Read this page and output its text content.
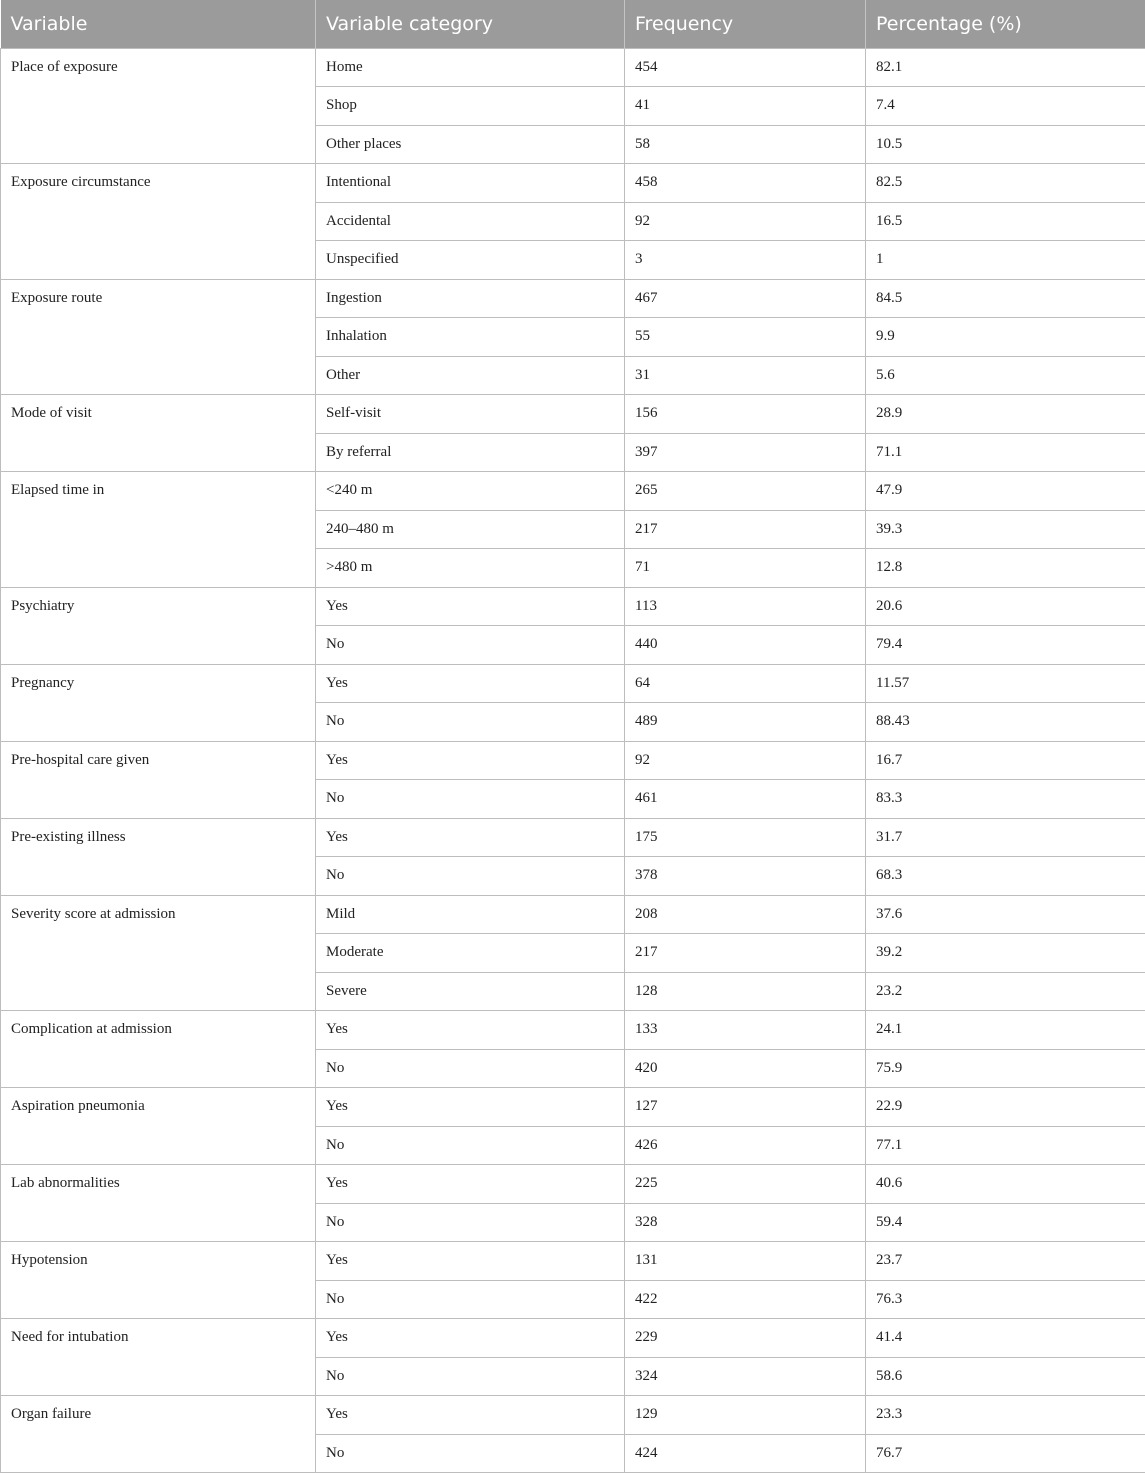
Variable	Variable category	Frequency	Percentage (%)
Place of exposure	Home	454	82.1
	Shop	41	7.4
	Other places	58	10.5
Exposure circumstance	Intentional	458	82.5
	Accidental	92	16.5
	Unspecified	3	1
Exposure route	Ingestion	467	84.5
	Inhalation	55	9.9
	Other	31	5.6
Mode of visit	Self-visit	156	28.9
	By referral	397	71.1
Elapsed time in	<240 m	265	47.9
	240–480 m	217	39.3
	>480 m	71	12.8
Psychiatry	Yes	113	20.6
	No	440	79.4
Pregnancy	Yes	64	11.57
	No	489	88.43
Pre-hospital care given	Yes	92	16.7
	No	461	83.3
Pre-existing illness	Yes	175	31.7
	No	378	68.3
Severity score at admission	Mild	208	37.6
	Moderate	217	39.2
	Severe	128	23.2
Complication at admission	Yes	133	24.1
	No	420	75.9
Aspiration pneumonia	Yes	127	22.9
	No	426	77.1
Lab abnormalities	Yes	225	40.6
	No	328	59.4
Hypotension	Yes	131	23.7
	No	422	76.3
Need for intubation	Yes	229	41.4
	No	324	58.6
Organ failure	Yes	129	23.3
	No	424	76.7
